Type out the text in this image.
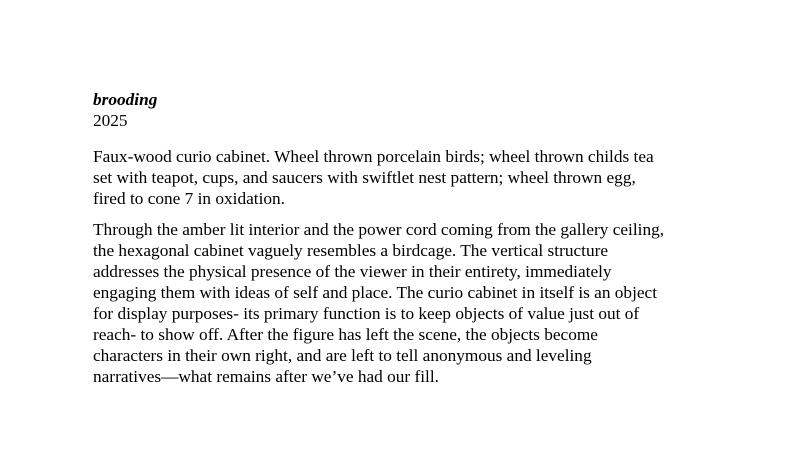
brooding
2025

Faux-wood curio cabinet. Wheel thrown porcelain birds; wheel thrown childs tea
set with teapot, cups, and saucers with swiftlet nest pattern; wheel thrown egg,
fired to cone 7 in oxidation.

Through the amber lit interior and the power cord coming from the gallery ceiling,
the hexagonal cabinet vaguely resembles a birdcage. The vertical structure
addresses the physical presence of the viewer in their entirety, immediately
engaging them with ideas of self and place. The curio cabinet in itself is an object
for display purposes- its primary function is to keep objects of value just out of
reach- to show off. After the figure has left the scene, the objects become
characters in their own right, and are left to tell anonymous and leveling
narratives—what remains after we’ve had our fill.
